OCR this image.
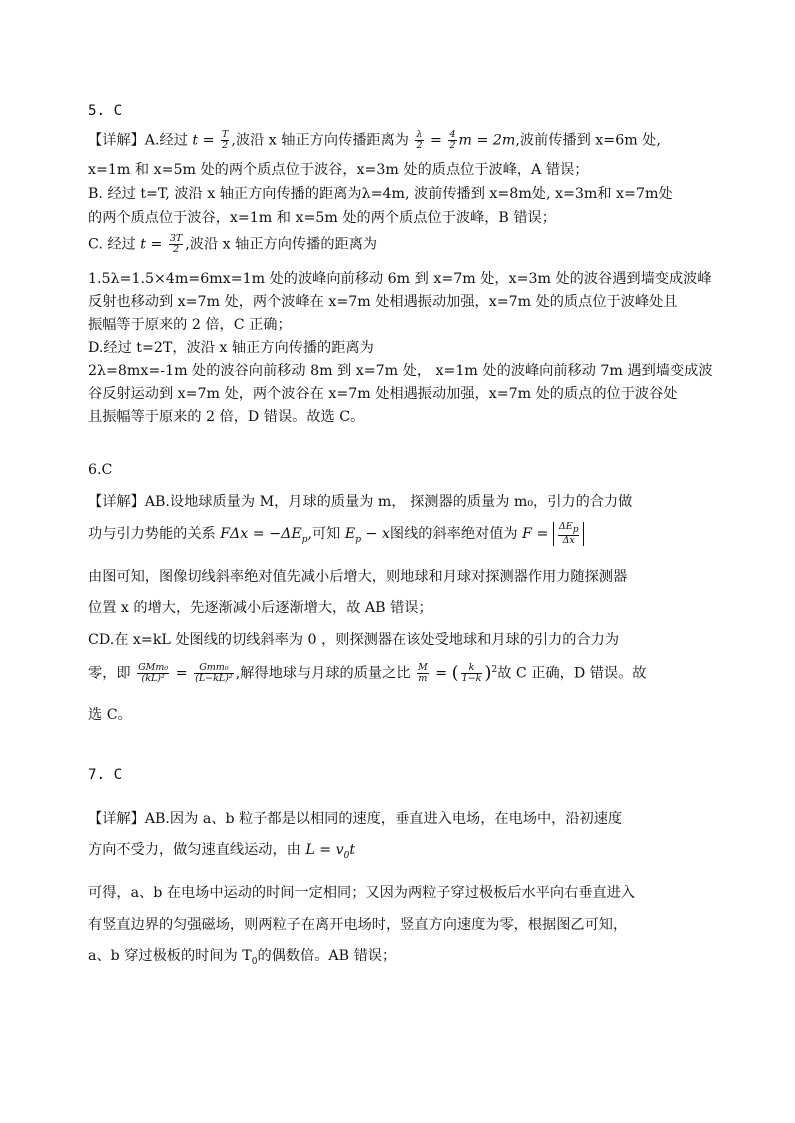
5. C
【详解】A.经过 $t = \frac{T}{2}$ ,波沿 x 轴正方向传播距离为 $\frac{\lambda}{2} = \frac{4}{2}$ m = 2m,波前传播到 x=6m 处,
x=1m 和 x=5m 处的两个质点位于波谷，x=3m 处的质点位于波峰，A 错误；
B. 经过 t=T, 波沿 x 轴正方向传播的距离为λ=4m, 波前传播到 x=8m处, x=3m和 x=7m处
的两个质点位于波谷，x=1m 和 x=5m 处的两个质点位于波峰，B 错误；
C. 经过 $t = \frac{3T}{2}$ ,波沿 x 轴正方向传播的距离为
1.5λ=1.5×4m=6mx=1m 处的波峰向前移动 6m 到 x=7m 处，x=3m 处的波谷遇到墙变成波峰
反射也移动到 x=7m 处，两个波峰在 x=7m 处相遇振动加强，x=7m 处的质点位于波峰处且
振幅等于原来的 2 倍，C 正确；
D.经过 t=2T，波沿 x 轴正方向传播的距离为
2λ=8mx=-1m 处的波谷向前移动 8m 到 x=7m 处， x=1m 处的波峰向前移动 7m 遇到墙变成波
谷反射运动到 x=7m 处，两个波谷在 x=7m 处相遇振动加强，x=7m 处的质点的位于波谷处
且振幅等于原来的 2 倍，D 错误。故选 C。
6.C
【详解】AB.设地球质量为 M，月球的质量为 m， 探测器的质量为 m₀，引力的合力做
功与引力势能的关系 $F\Delta x = -\Delta E_p$,可知 $E_p - x$图线的斜率绝对值为 $F = \frac{\Delta E_p}{\Delta x}$
由图可知，图像切线斜率绝对值先减小后增大，则地球和月球对探测器作用力随探测器
位置 x 的增大，先逐渐减小后逐渐增大，故 AB 错误；
CD.在 x=kL 处图线的切线斜率为 0 ，则探测器在该处受地球和月球的引力的合力为
零，即 $\frac{\text{GMm₀}}{\text{(kL)²}} = \frac{\text{Gmm₀}}{\text{(L−kL)²}}$ ,解得地球与月球的质量之比 $\frac{M}{m}$ = ( $\frac{k}{1-k} )^2$故 C 正确，D 错误。故
选 C。
7. C
【详解】AB.因为 a、b 粒子都是以相同的速度，垂直进入电场，在电场中，沿初速度
方向不受力，做匀速直线运动，由 $L = v_0t$
可得，a、b 在电场中运动的时间一定相同；又因为两粒子穿过极板后水平向右垂直进入
有竖直边界的匀强磁场，则两粒子在离开电场时，竖直方向速度为零，根据图乙可知，
a、b 穿过极板的时间为 $T_0$的偶数倍。AB 错误；
